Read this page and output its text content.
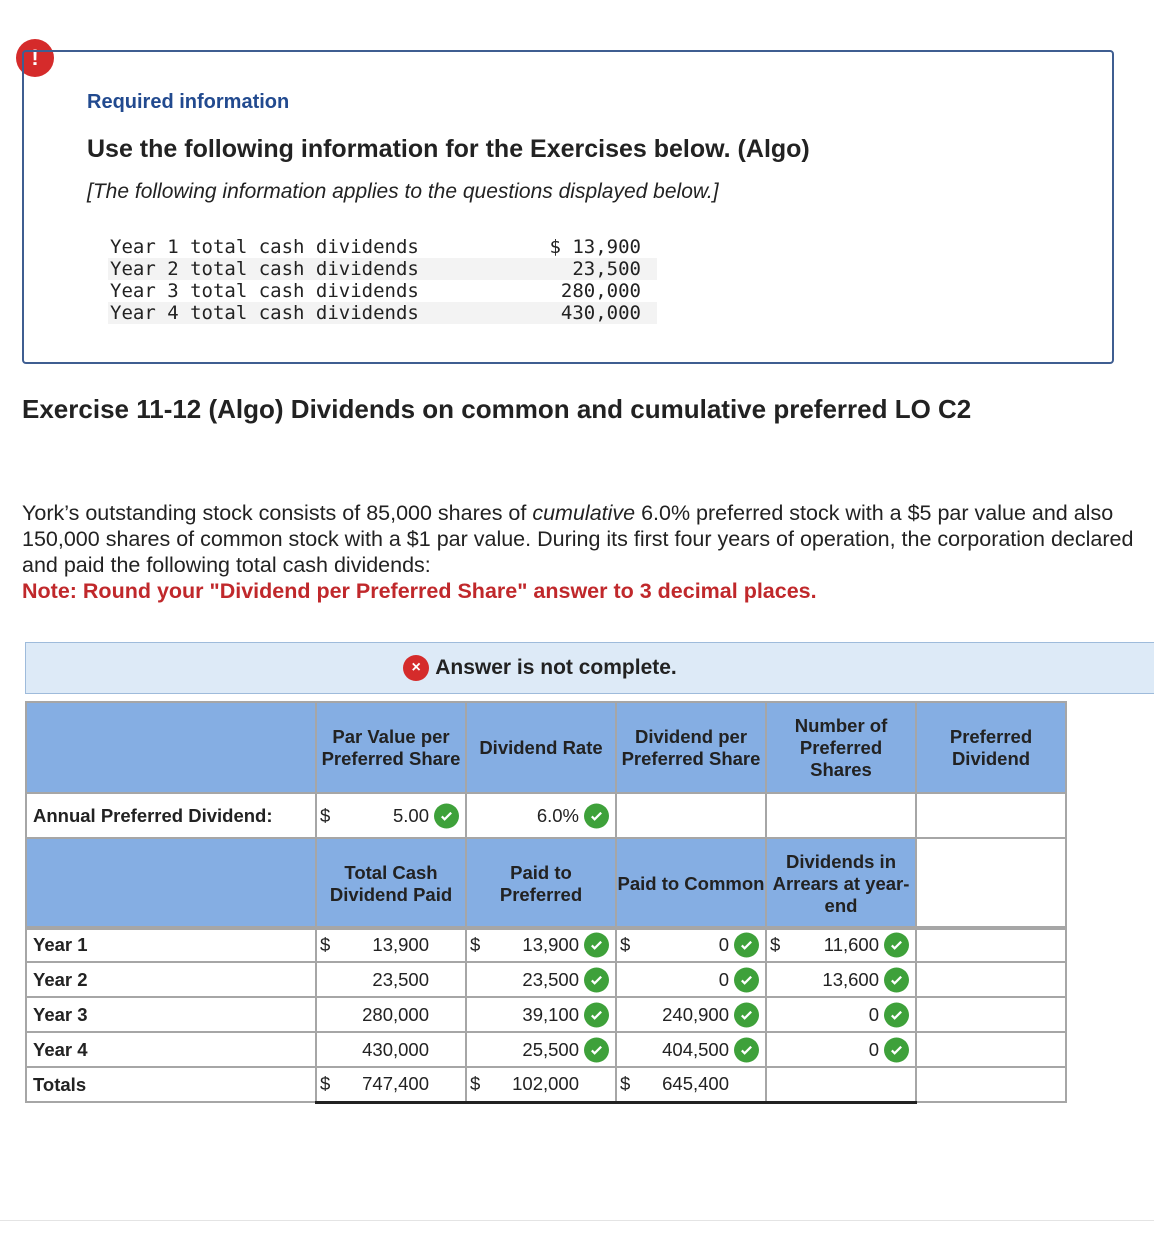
!
Required information
Use the following information for the Exercises below. (Algo)
[The following information applies to the questions displayed below.]
Year 1 total cash dividends	$ 13,900
Year 2 total cash dividends	23,500
Year 3 total cash dividends	280,000
Year 4 total cash dividends	430,000
Exercise 11-12 (Algo) Dividends on common and cumulative preferred LO C2
York’s outstanding stock consists of 85,000 shares of cumulative 6.0% preferred stock with a $5 par value and also 150,000 shares of common stock with a $1 par value. During its first four years of operation, the corporation declared and paid the following total cash dividends:
Note: Round your "Dividend per Preferred Share" answer to 3 decimal places.
× Answer is not complete.
	Par Value per Preferred Share	Dividend Rate	Dividend per Preferred Share	Number of Preferred Shares	Preferred Dividend
Annual Preferred Dividend:	$ 5.00	6.0%			

	Total Cash Dividend Paid	Paid to Preferred	Paid to Common	Dividends in Arrears at year-end	
Year 1	$ 13,900	$ 13,900	$ 0	$ 11,600	

Year 2	23,500	23,500	0	13,600	

Year 3	280,000	39,100	240,900	0	

Year 4	430,000	25,500	404,500	0	

Totals	$ 747,400	$ 102,000	$ 645,400		
